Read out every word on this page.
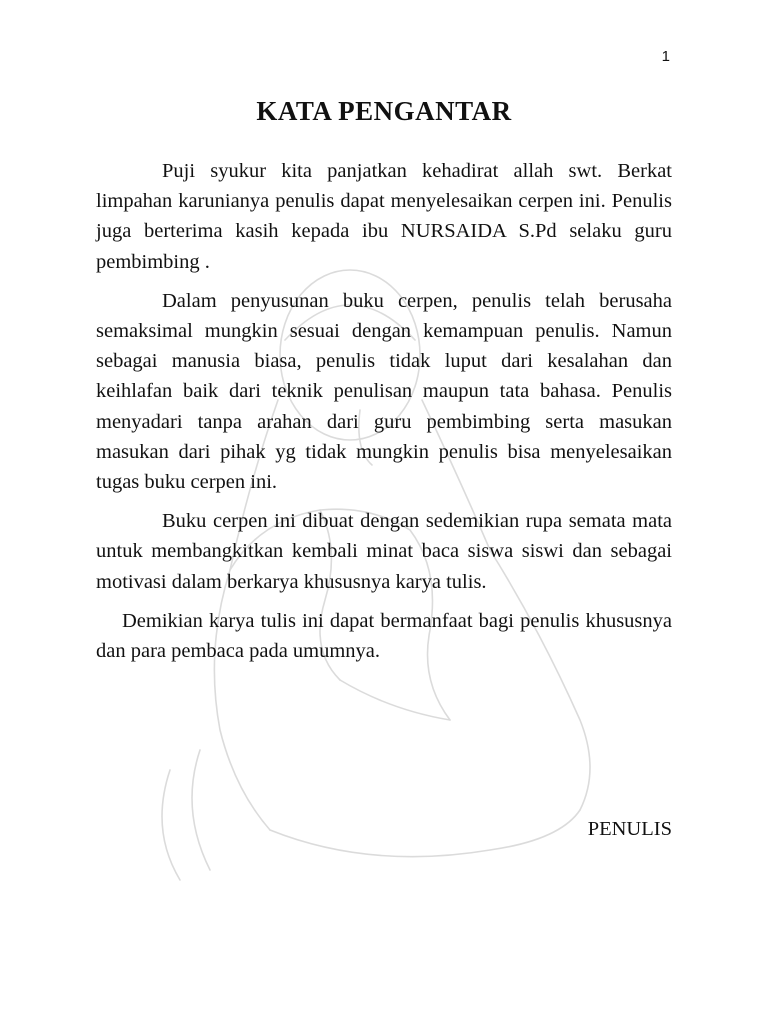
1
KATA PENGANTAR

Puji syukur kita panjatkan kehadirat allah swt. Berkat limpahan karunianya penulis dapat menyelesaikan cerpen ini. Penulis juga berterima kasih kepada ibu NURSAIDA S.Pd selaku guru pembimbing .

Dalam penyusunan buku cerpen, penulis telah berusaha semaksimal mungkin sesuai dengan kemampuan penulis. Namun sebagai manusia biasa, penulis tidak luput dari kesalahan dan keihlafan baik dari teknik penulisan maupun tata bahasa. Penulis menyadari tanpa arahan dari guru pembimbing serta masukan masukan dari pihak yg tidak mungkin penulis bisa menyelesaikan tugas buku cerpen ini.

Buku cerpen ini dibuat dengan sedemikian rupa semata mata untuk membangkitkan kembali minat baca siswa siswi dan sebagai motivasi dalam berkarya khususnya karya tulis.

Demikian karya tulis ini dapat bermanfaat bagi penulis khususnya dan para pembaca pada umumnya.

PENULIS
